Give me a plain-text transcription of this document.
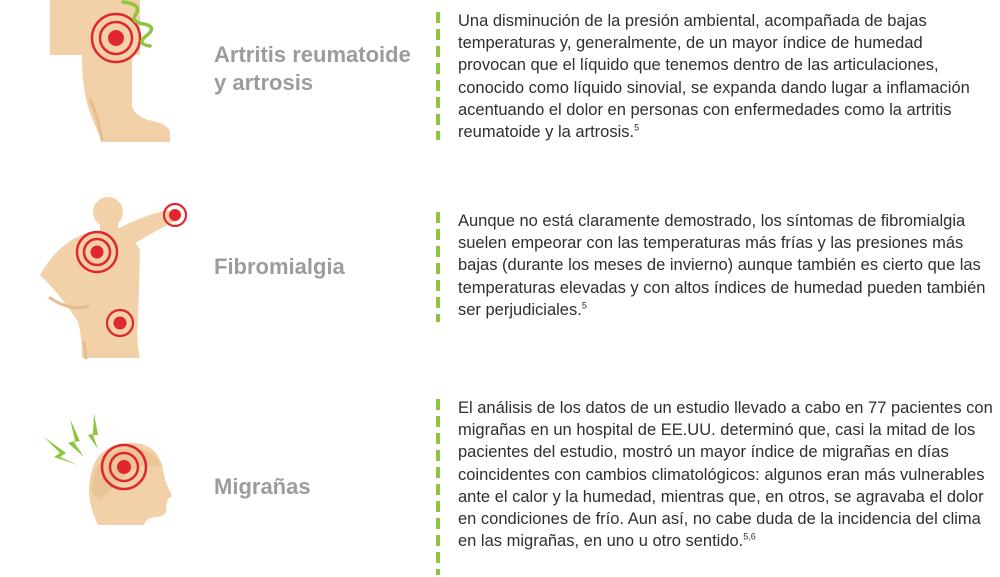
Artritis reumatoide
y artrosis
Una disminución de la presión ambiental, acompañada de bajas temperaturas y, generalmente, de un mayor índice de humedad provocan que el líquido que tenemos dentro de las articulaciones, conocido como líquido sinovial, se expanda dando lugar a inflamación acentuando el dolor en personas con enfermedades como la artritis reumatoide y la artrosis.$^5$
Fibromialgia
Aunque no está claramente demostrado, los síntomas de fibromialgia suelen empeorar con las temperaturas más frías y las presiones más bajas (durante los meses de invierno) aunque también es cierto que las temperaturas elevadas y con altos índices de humedad pueden también ser perjudiciales.$^5$
Migrañas
El análisis de los datos de un estudio llevado a cabo en 77 pacientes con migrañas en un hospital de EE.UU. determinó que, casi la mitad de los pacientes del estudio, mostró un mayor índice de migrañas en días coincidentes con cambios climatológicos: algunos eran más vulnerables ante el calor y la humedad, mientras que, en otros, se agravaba el dolor en condiciones de frío. Aun así, no cabe duda de la incidencia del clima en las migrañas, en uno u otro sentido.$^{5,6}$
